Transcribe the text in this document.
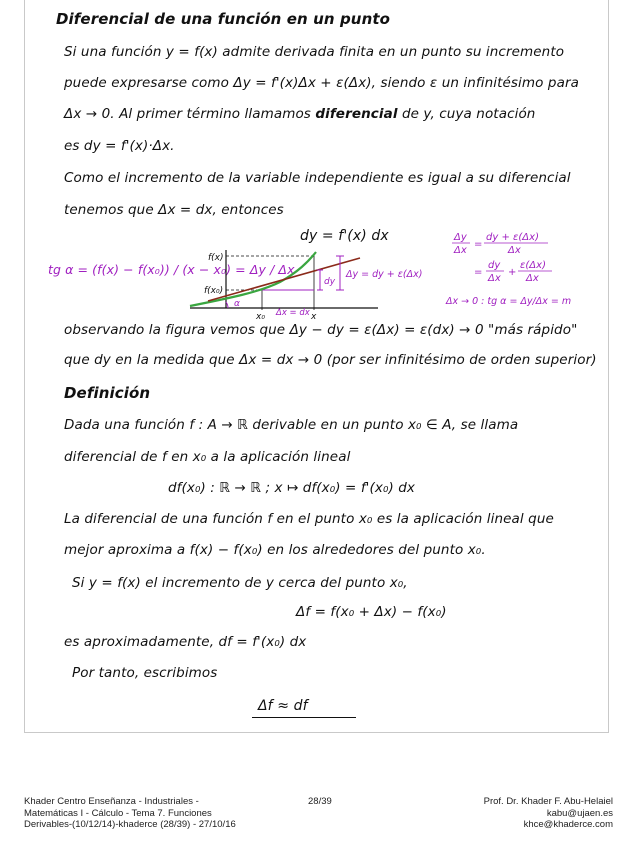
Diferencial de una función en un punto
Si una función y = f(x) admite derivada finita en un punto su incremento
puede expresarse como Δy = f'(x)Δx + ε(Δx), siendo ε un infinitésimo para
Δx → 0. Al primer término llamamos diferencial de y, cuya notación
es dy = f'(x)·Δx.
Como el incremento de la variable independiente es igual a su diferencial
tenemos que Δx = dx, entonces
dy = f'(x) dx
tg α = (f(x) − f(x₀)) / (x − x₀) = Δy / Δx
f(x)
f(x₀)
α
x₀ Δx = dx x
dy
Δy = dy + ε(Δx)
Δy
Δx
=
dy + ε(Δx)
Δx
=
dy
Δx
+
ε(Δx)
Δx
Δx → 0 : tg α = Δy/Δx = m
observando la figura vemos que Δy − dy = ε(Δx) = ε(dx) → 0 "más rápido"
que dy en la medida que Δx = dx → 0 (por ser infinitésimo de orden superior)
Definición
Dada una función f : A → ℝ derivable en un punto x₀ ∈ A, se llama
diferencial de f en x₀ a la aplicación lineal
df(x₀) : ℝ → ℝ ; x ↦ df(x₀) = f'(x₀) dx
La diferencial de una función f en el punto x₀ es la aplicación lineal que
mejor aproxima a f(x) − f(x₀) en los alrededores del punto x₀.
Si y = f(x) el incremento de y cerca del punto x₀,
Δf = f(x₀ + Δx) − f(x₀)
es aproximadamente, df = f'(x₀) dx
Por tanto, escribimos
Δf ≈ df
Khader Centro Enseñanza - Industriales -
Matemáticas I - Cálculo - Tema 7. Funciones
Derivables-(10/12/14)-khaderce (28/39) - 27/10/16
28/39	Prof. Dr. Khader F. Abu-Helaiel
kabu@ujaen.es
khce@khaderce.com
